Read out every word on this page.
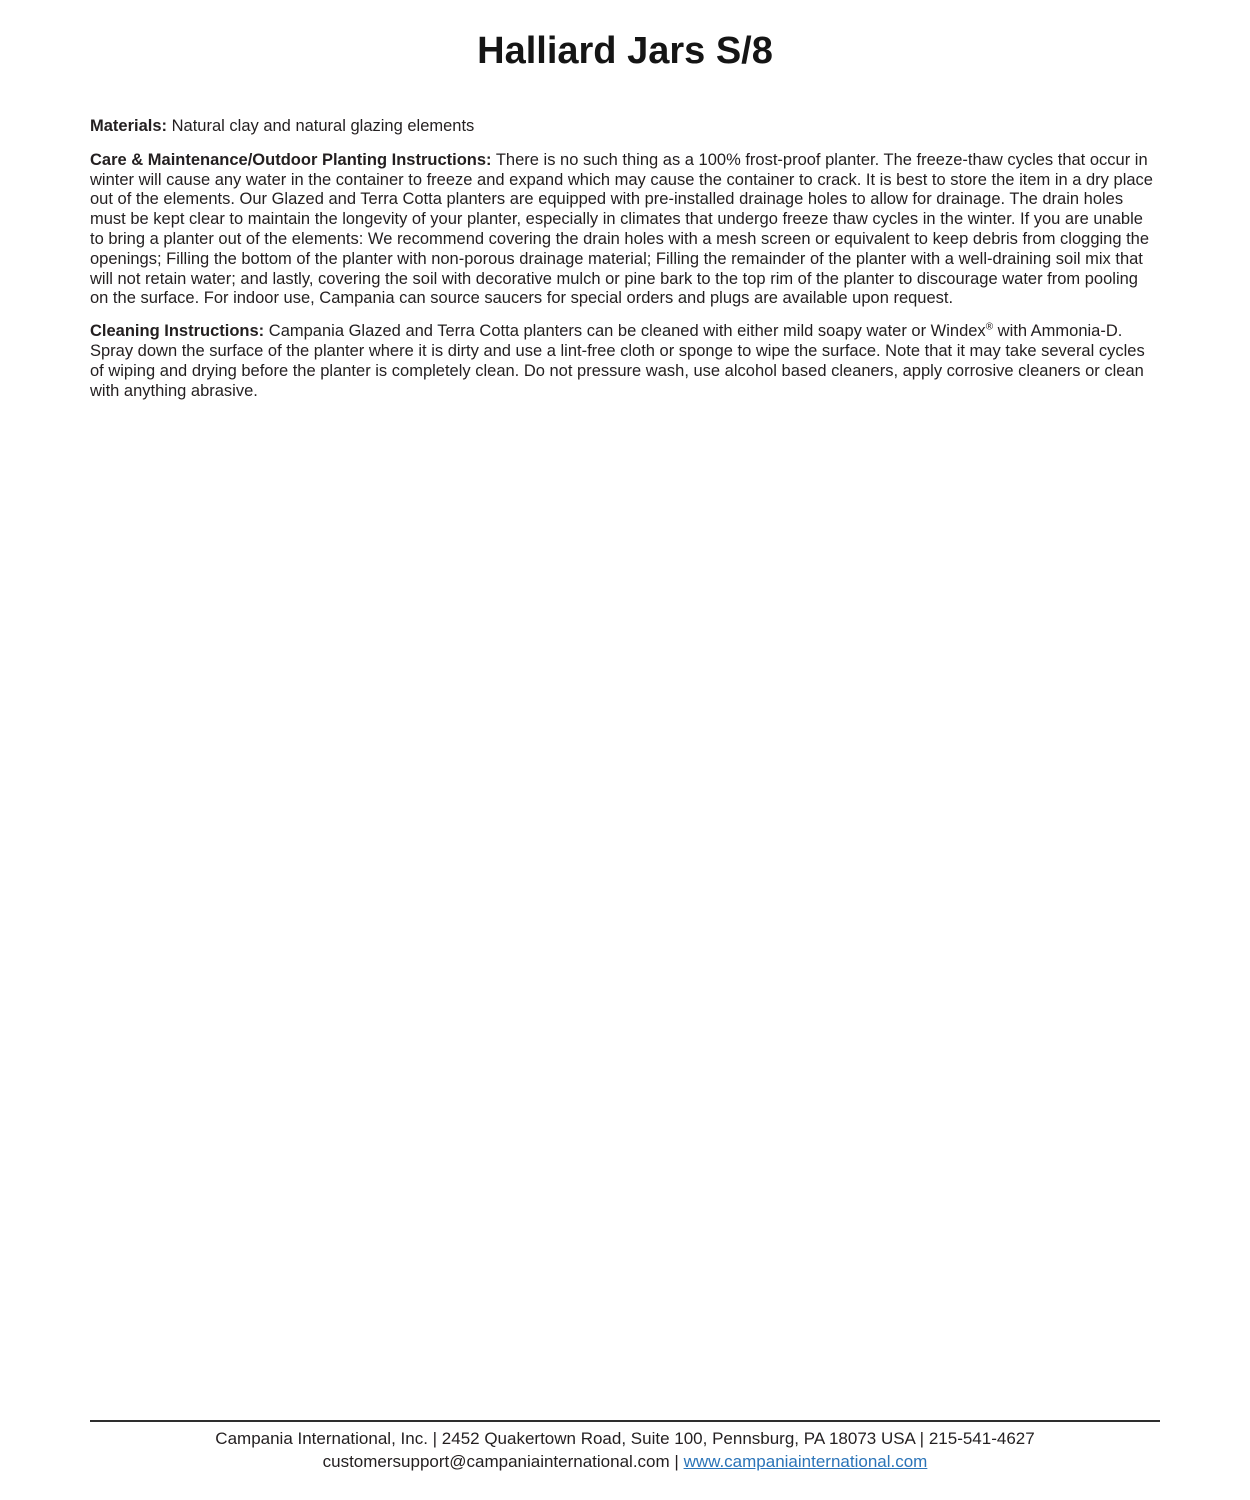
Halliard Jars S/8

Materials: Natural clay and natural glazing elements

Care & Maintenance/Outdoor Planting Instructions: There is no such thing as a 100% frost-proof planter. The freeze-thaw cycles that occur in winter will cause any water in the container to freeze and expand which may cause the container to crack. It is best to store the item in a dry place out of the elements. Our Glazed and Terra Cotta planters are equipped with pre-installed drainage holes to allow for drainage. The drain holes must be kept clear to maintain the longevity of your planter, especially in climates that undergo freeze thaw cycles in the winter. If you are unable to bring a planter out of the elements: We recommend covering the drain holes with a mesh screen or equivalent to keep debris from clogging the openings; Filling the bottom of the planter with non-porous drainage material; Filling the remainder of the planter with a well-draining soil mix that will not retain water; and lastly, covering the soil with decorative mulch or pine bark to the top rim of the planter to discourage water from pooling on the surface. For indoor use, Campania can source saucers for special orders and plugs are available upon request.

Cleaning Instructions: Campania Glazed and Terra Cotta planters can be cleaned with either mild soapy water or Windex® with Ammonia-D. Spray down the surface of the planter where it is dirty and use a lint-free cloth or sponge to wipe the surface. Note that it may take several cycles of wiping and drying before the planter is completely clean. Do not pressure wash, use alcohol based cleaners, apply corrosive cleaners or clean with anything abrasive.

Campania International, Inc. | 2452 Quakertown Road, Suite 100, Pennsburg, PA 18073 USA | 215-541-4627
customersupport@campaniainternational.com | www.campaniainternational.com
